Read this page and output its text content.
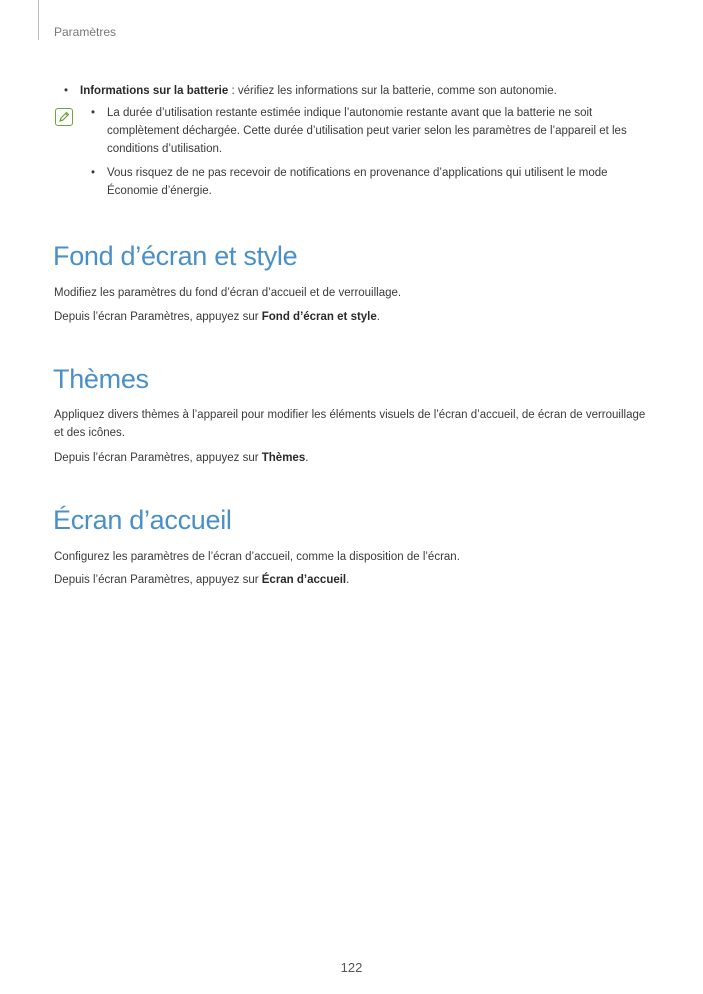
Paramètres
• Informations sur la batterie : vérifiez les informations sur la batterie, comme son autonomie.
• La durée d’utilisation restante estimée indique l’autonomie restante avant que la batterie ne soit complètement déchargée. Cette durée d’utilisation peut varier selon les paramètres de l’appareil et les conditions d’utilisation.
• Vous risquez de ne pas recevoir de notifications en provenance d’applications qui utilisent le mode Économie d’énergie.
Fond d’écran et style

Modifiez les paramètres du fond d’écran d’accueil et de verrouillage.

Depuis l’écran Paramètres, appuyez sur Fond d’écran et style.

Thèmes

Appliquez divers thèmes à l’appareil pour modifier les éléments visuels de l’écran d’accueil, de écran de verrouillage et des icônes.

Depuis l’écran Paramètres, appuyez sur Thèmes.

Écran d’accueil

Configurez les paramètres de l’écran d’accueil, comme la disposition de l’écran.

Depuis l’écran Paramètres, appuyez sur Écran d’accueil.

122
